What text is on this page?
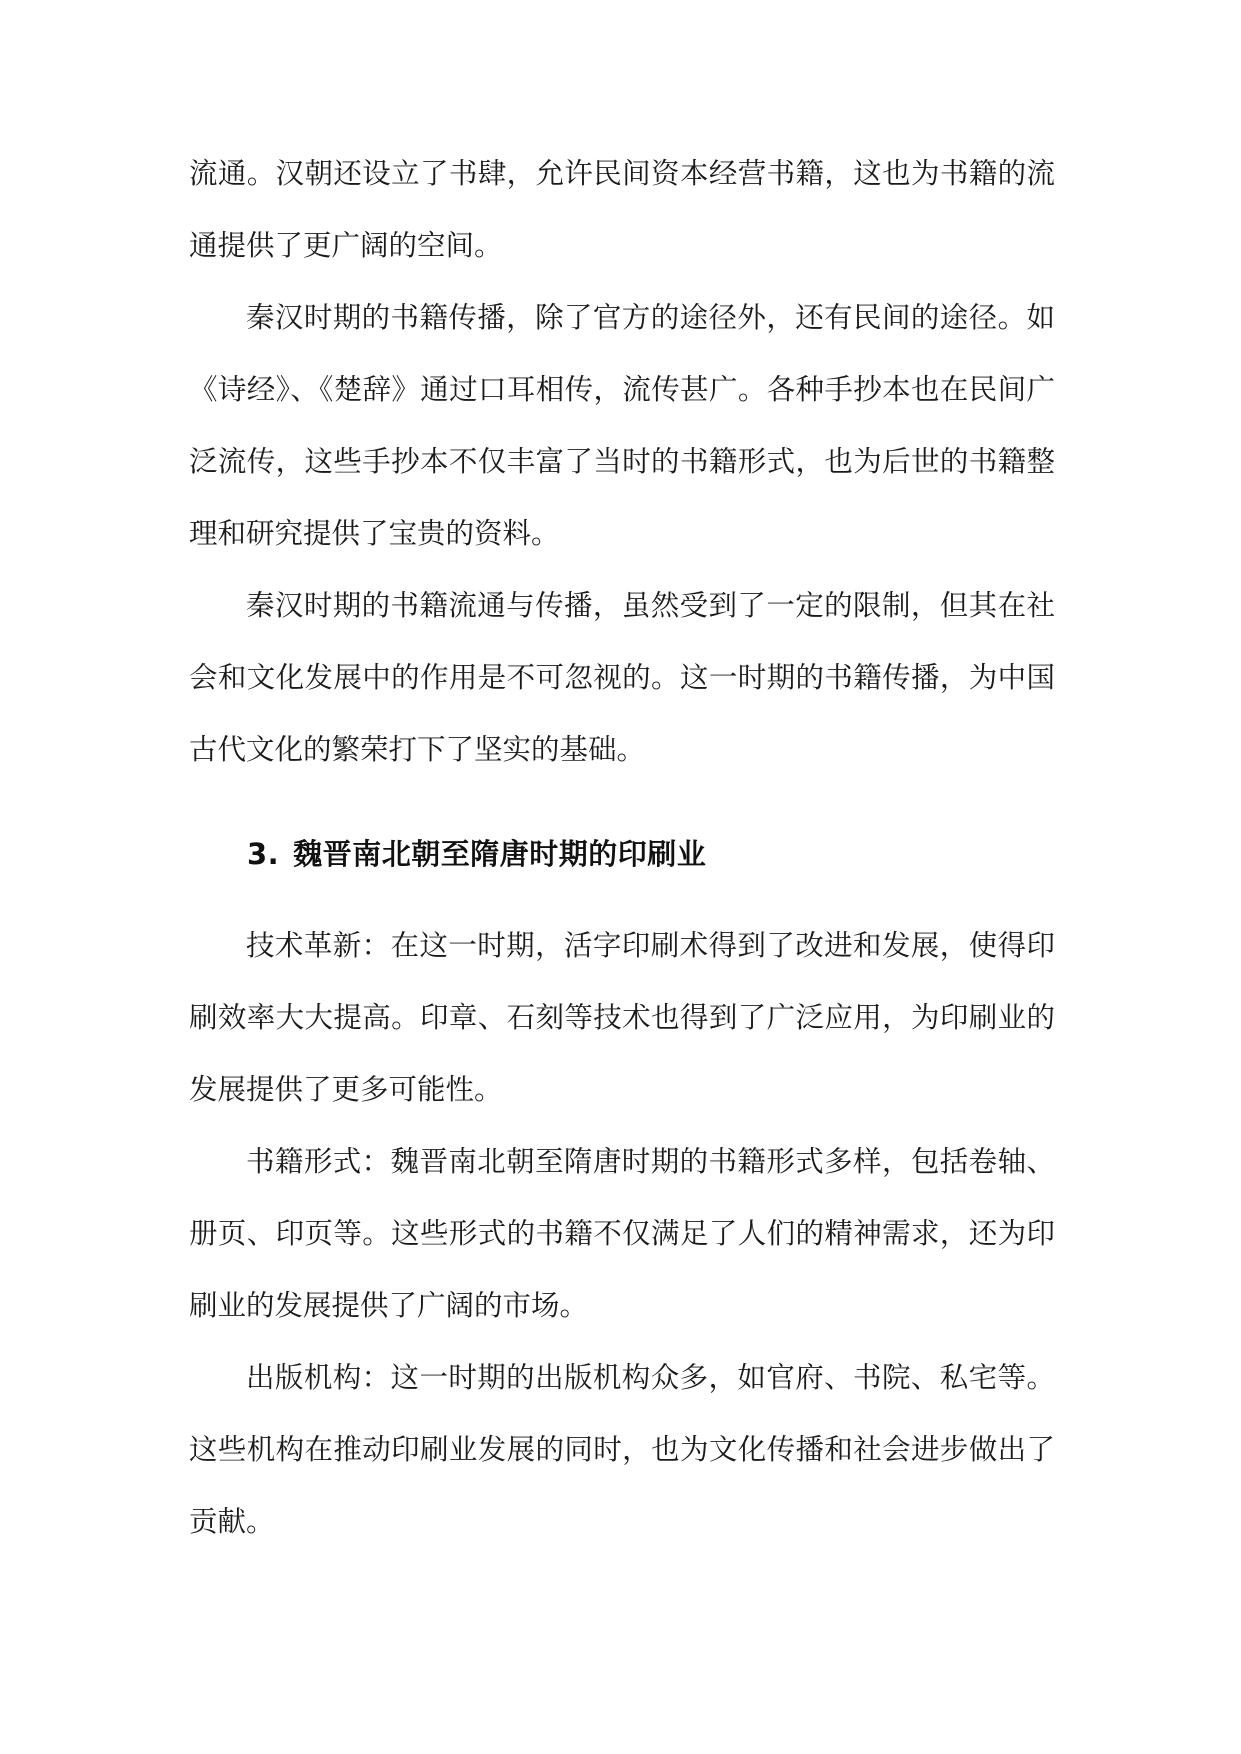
流通。汉朝还设立了书肆，允许民间资本经营书籍，这也为书籍的流通提供了更广阔的空间。

秦汉时期的书籍传播，除了官方的途径外，还有民间的途径。如《诗经》、《楚辞》通过口耳相传，流传甚广。各种手抄本也在民间广泛流传，这些手抄本不仅丰富了当时的书籍形式，也为后世的书籍整理和研究提供了宝贵的资料。

秦汉时期的书籍流通与传播，虽然受到了一定的限制，但其在社会和文化发展中的作用是不可忽视的。这一时期的书籍传播，为中国古代文化的繁荣打下了坚实的基础。

3. 魏晋南北朝至隋唐时期的印刷业

技术革新：在这一时期，活字印刷术得到了改进和发展，使得印刷效率大大提高。印章、石刻等技术也得到了广泛应用，为印刷业的发展提供了更多可能性。

书籍形式：魏晋南北朝至隋唐时期的书籍形式多样，包括卷轴、册页、印页等。这些形式的书籍不仅满足了人们的精神需求，还为印刷业的发展提供了广阔的市场。

出版机构：这一时期的出版机构众多，如官府、书院、私宅等。这些机构在推动印刷业发展的同时，也为文化传播和社会进步做出了贡献。
